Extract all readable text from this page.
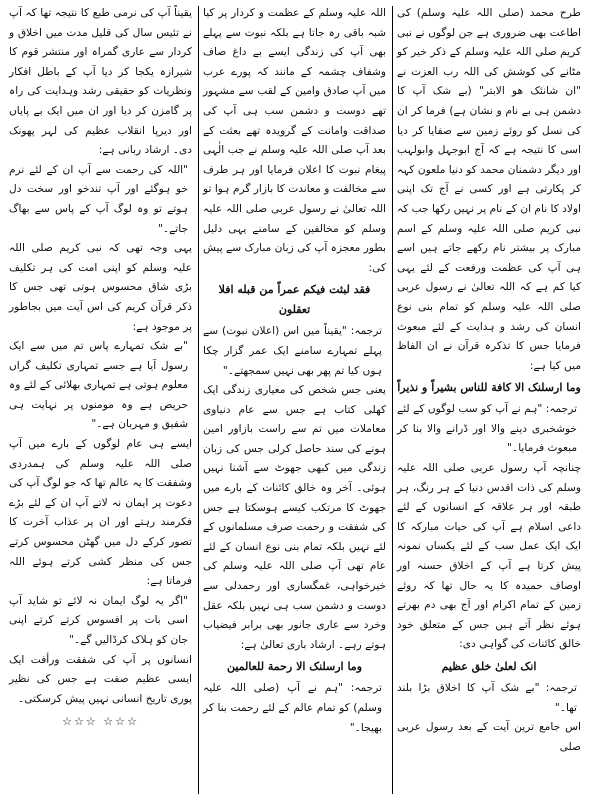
طرح محمد (صلی اللہ علیہ وسلم) کی اطاعت بھی ضروری ہے جن لوگوں نے نبی کریم صلی اللہ علیہ وسلم کے ذکر خیر کو مٹانے کی کوشش کی اللہ رب العزت نے "ان شانئک ھو الابتر" (بے شک آپ کا دشمن ہی بے نام و نشان ہے) فرما کر ان کی نسل کو روئے زمین سے صفایا کر دیا اسی کا نتیجہ ہے کہ آج ابوجہل وابولہب اور دیگر دشمنان محمد کو دنیا ملعون کہہ کر پکارتی ہے اور کسی نے آج تک اپنی اولاد کا نام ان کے نام پر نہیں رکھا جب کہ نبی کریم صلی اللہ علیہ وسلم کے اسم مبارک پر بیشتر نام رکھے جاتے ہیں اسے ہی آپ کی عظمت ورفعت کے لئے یہی کیا کم ہے کہ اللہ تعالیٰ نے رسول عربی صلی اللہ علیہ وسلم کو تمام بنی نوع انسان کی رشد و ہدایت کے لئے مبعوث فرمایا جس کا تذکرہ قرآن نے ان الفاظ میں کیا ہے:
وما ارسلنک الا کافة للناس بشیراً و نذیراً
ترجمہ: "ہم نے آپ کو سب لوگوں کے لئے خوشخبری دینے والا اور ڈرانے والا بنا کر مبعوث فرمایا۔"
چنانچہ آپ رسول عربی صلی اللہ علیہ وسلم کی ذات اقدس دنیا کے ہر رنگ، ہر طبقہ اور ہر علاقہ کے انسانوں کے لئے داعی اسلام ہے آپ کی حیات مبارکہ کا ایک ایک عمل سب کے لئے یکساں نمونہ پیش کرتا ہے آپ کے اخلاق حسنہ اور اوصاف حمیدہ کا یہ حال تھا کہ روئے زمین کے تمام اکرام اور آج بھی دم بھرتے ہوئے نظر آتے ہیں جس کے متعلق خود خالق کائنات کی گواہی دی:
انک لعلیٰ خلق عظیم
ترجمہ: "بے شک آپ کا اخلاق بڑا بلند تھا۔"
اس جامع ترین آیت کے بعد رسول عربی صلی
اللہ علیہ وسلم کے عظمت و کردار پر کیا شبہ باقی رہ جاتا ہے بلکہ نبوت سے پہلے بھی آپ کی زندگی ایسے بے داغ صاف وشفاف چشمہ کے مانند کہ پورے عرب میں آپ صادق وامین کے لقب سے مشہور تھے دوست و دشمن سب ہی آپ کی صداقت وامانت کے گرویدہ تھے بعثت کے بعد آپ صلی اللہ علیہ وسلم نے جب الٰہی پیغام نبوت کا اعلان فرمایا اور ہر طرف سے مخالفت و معاندت کا بازار گرم ہوا تو اللہ تعالیٰ نے رسول عربی صلی اللہ علیہ وسلم کو مخالفین کے سامنے یہی دلیل بطور معجزہ آپ کی زبان مبارک سے پیش کی:
فقد لبثت فیکم عمراً من قبله افلا تعقلون
ترجمہ: "یقیناً میں اس (اعلان نبوت) سے پہلے تمہارے سامنے ایک عمر گزار چکا ہوں کیا تم پھر بھی نہیں سمجھتے۔"
یعنی جس شخص کی معیاری زندگی ایک کھلی کتاب ہے جس سے عام دنیاوی معاملات میں تم سے راست بازاور امین ہونے کی سند حاصل کرلی جس کی زبان زندگی میں کبھی جھوٹ سے آشنا نہیں ہوئی۔ آخر وہ خالق کائنات کے بارے میں جھوٹ کا مرتکب کیسے ہوسکتا ہے جس کی شفقت و رحمت صرف مسلمانوں کے لئے نہیں بلکہ تمام بنی نوع انسان کے لئے عام تھی آپ صلی اللہ علیہ وسلم کی خیرخواہی، غمگساری اور رحمدلی سے دوست و دشمن سب ہی نہیں بلکہ عقل وخرد سے عاری جانور بھی برابر فیضیاب ہوتے رہے۔ ارشاد باری تعالیٰ ہے:
وما ارسلنک الا رحمة للعالمین
ترجمہ: "ہم نے آپ (صلی اللہ علیہ وسلم) کو تمام عالم کے لئے رحمت بنا کر بھیجا۔"
یقیناً آپ کی نرمی طبع کا نتیجہ تھا کہ آپ نے تئیس سال کی قلیل مدت میں اخلاق و کردار سے عاری گمراہ اور منتشر قوم کا شیرازہ یکجا کر دیا آپ کے باطل افکار ونظریات کو حقیقی رشد وہدایت کی راہ پر گامزن کر دیا اور ان میں ایک بے پایاں اور دیرپا انقلاب عظیم کی لہر پھونک دی۔ ارشاد ربانی ہے:
"اللہ کی رحمت سے آپ ان کے لئے نرم خو ہوگئے اور آپ تندخو اور سخت دل ہوتے تو وہ لوگ آپ کے پاس سے بھاگ جاتے۔"
یہی وجہ تھی کہ نبی کریم صلی اللہ علیہ وسلم کو اپنی امت کی ہر تکلیف بڑی شاق محسوس ہوتی تھی جس کا ذکر قرآن کریم کی اس آیت میں بجاطور پر موجود ہے:
"بے شک تمہارے پاس تم میں سے ایک رسول آیا ہے جسے تمہاری تکلیف گراں معلوم ہوتی ہے تمہاری بھلائی کے لئے وہ حریص ہے وہ مومنوں پر نہایت ہی شفیق و مہربان ہے۔"
ایسے ہی عام لوگوں کے بارے میں آپ صلی اللہ علیہ وسلم کی ہمدردی وشفقت کا یہ عالم تھا کہ جو لوگ آپ کی دعوت پر ایمان نہ لاتے آپ ان کے لئے بڑے فکرمند رہتے اور ان پر عذاب آخرت کا تصور کرکے دل میں گھٹن محسوس کرتے جس کی منظر کشی کرتے ہوئے اللہ فرماتا ہے:
"اگر یہ لوگ ایمان نہ لائے تو شاید آپ اسی بات پر افسوس کرتے کرتے اپنی جان کو ہلاک کرڈالیں گے۔"
انسانوں پر آپ کی شفقت ورأفت ایک ایسی عظیم صفت ہے جس کی نظیر پوری تاریخ انسانی نہیں پیش کرسکتی۔
☆☆☆ ☆☆☆
